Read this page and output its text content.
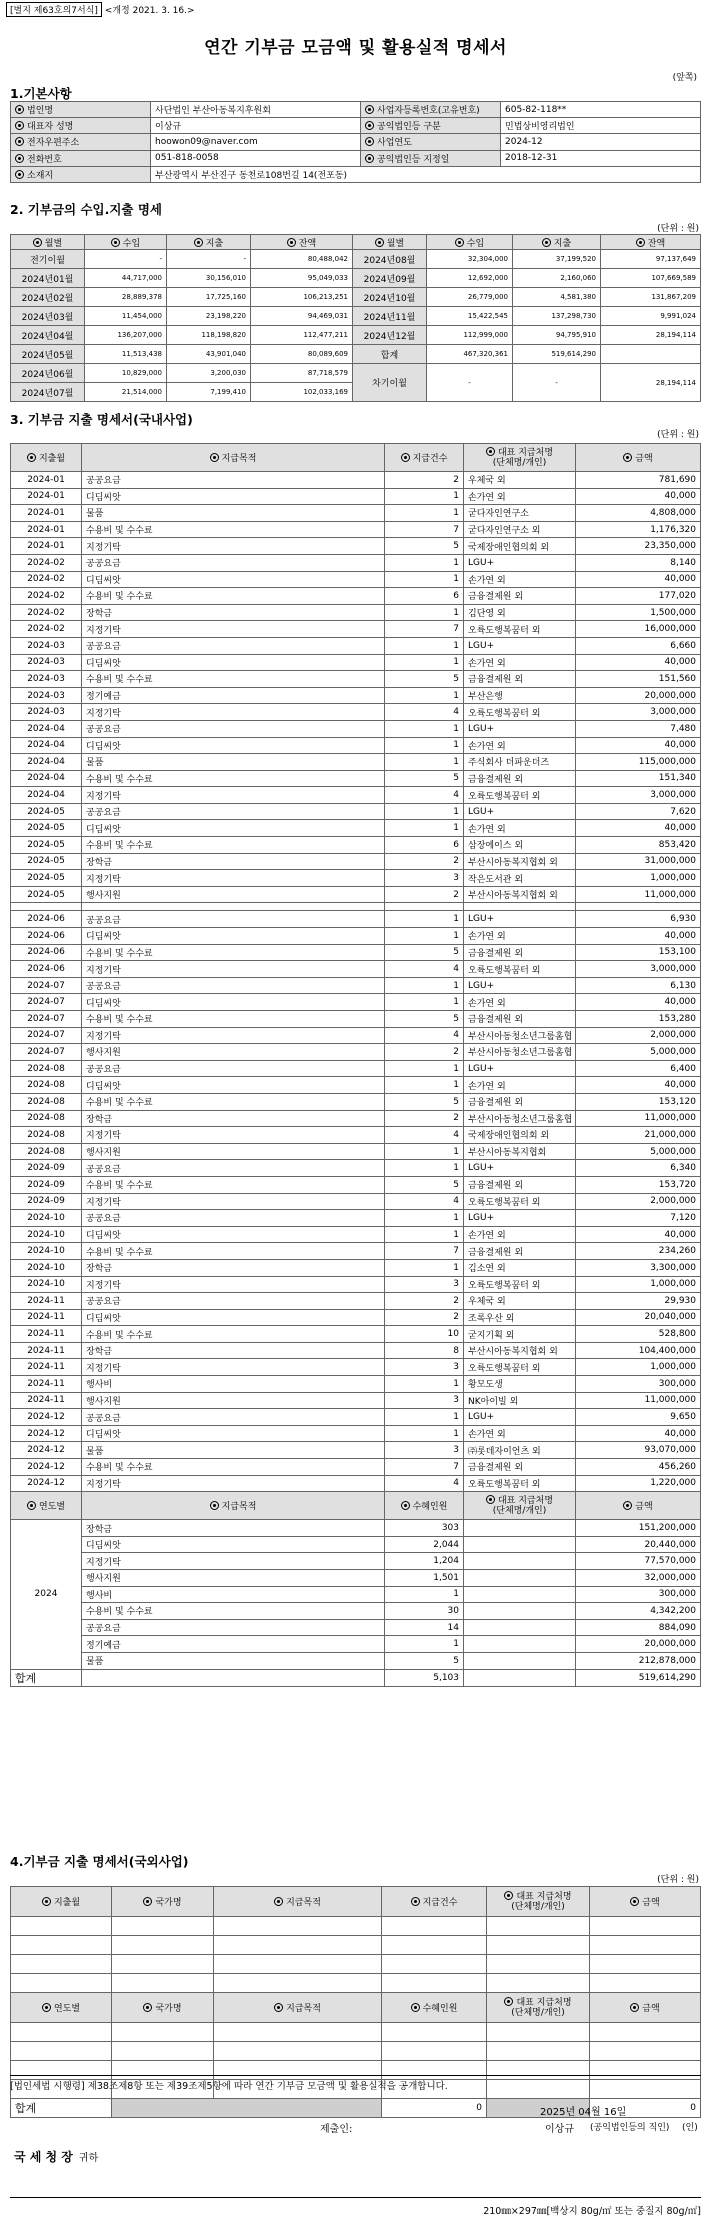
[별지 제63호의7서식] <개정 2021. 3. 16.>
연간 기부금 모금액 및 활용실적 명세서
(앞쪽)
1.기본사항
법인명	사단법인 부산아동복지후원회	사업자등록번호(고유번호)	605-82-118**
대표자 성명	이상규	공익법인등 구분	민법상비영리법인
전자우편주소	hoowon09@naver.com	사업연도	2024-12
전화번호	051-818-0058	공익법인등 지정일	2018-12-31
소재지	부산광역시 부산진구 동천로108번길 14(전포동)		
2. 기부금의 수입.지출 명세
(단위 : 원)
월별	수입	지출	잔액	월별	수입	지출	잔액
전기이월	-	-	80,488,042	2024년08월	32,304,000	37,199,520	97,137,649
2024년01월	44,717,000	30,156,010	95,049,033	2024년09월	12,692,000	2,160,060	107,669,589
2024년02월	28,889,378	17,725,160	106,213,251	2024년10월	26,779,000	4,581,380	131,867,209
2024년03월	11,454,000	23,198,220	94,469,031	2024년11월	15,422,545	137,298,730	9,991,024
2024년04월	136,207,000	118,198,820	112,477,211	2024년12월	112,999,000	94,795,910	28,194,114
2024년05월	11,513,438	43,901,040	80,089,609	합계	467,320,361	519,614,290	
2024년06월	10,829,000	3,200,030	87,718,579	차기이월	-	-	28,194,114
2024년07월	21,514,000	7,199,410	102,033,169				
3. 기부금 지출 명세서(국내사업)
(단위 : 원)
지출월	지급목적	지급건수	대표 지급처명
(단체명/개인)	금액
2024-01	공공요금	2	우체국 외	781,690
2024-01	디딤씨앗	1	손가연 외	40,000
2024-01	물품	1	굳다자인연구소	4,808,000
2024-01	수용비 및 수수료	7	굳다자인연구소 외	1,176,320
2024-01	지정기탁	5	국제장애인협의회 외	23,350,000
2024-02	공공요금	1	LGU+	8,140
2024-02	디딤씨앗	1	손가연 외	40,000
2024-02	수용비 및 수수료	6	금융결제원 외	177,020
2024-02	장학금	1	김단영 외	1,500,000
2024-02	지정기탁	7	오륙도행복꿈터 외	16,000,000
2024-03	공공요금	1	LGU+	6,660
2024-03	디딤씨앗	1	손가연 외	40,000
2024-03	수용비 및 수수료	5	금융결제원 외	151,560
2024-03	정기예금	1	부산은행	20,000,000
2024-03	지정기탁	4	오륙도행복꿈터 외	3,000,000
2024-04	공공요금	1	LGU+	7,480
2024-04	디딤씨앗	1	손가연 외	40,000
2024-04	물품	1	주식회사 더파운더즈	115,000,000
2024-04	수용비 및 수수료	5	금융결제원 외	151,340
2024-04	지정기탁	4	오륙도행복꿈터 외	3,000,000
2024-05	공공요금	1	LGU+	7,620
2024-05	디딤씨앗	1	손가연 외	40,000
2024-05	수용비 및 수수료	6	삼장에이스 외	853,420
2024-05	장학금	2	부산시아동복지협회 외	31,000,000
2024-05	지정기탁	3	작은도서관 외	1,000,000
2024-05	행사지원	2	부산시아동복지협회 외	11,000,000

2024-06	공공요금	1	LGU+	6,930
2024-06	디딤씨앗	1	손가연 외	40,000
2024-06	수용비 및 수수료	5	금융결제원 외	153,100
2024-06	지정기탁	4	오륙도행복꿈터 외	3,000,000
2024-07	공공요금	1	LGU+	6,130
2024-07	디딤씨앗	1	손가연 외	40,000
2024-07	수용비 및 수수료	5	금융결제원 외	153,280
2024-07	지정기탁	4	부산시아동청소년그룹홈협	2,000,000
2024-07	행사지원	2	부산시아동청소년그룹홈협	5,000,000
2024-08	공공요금	1	LGU+	6,400
2024-08	디딤씨앗	1	손가연 외	40,000
2024-08	수용비 및 수수료	5	금융결제원 외	153,120
2024-08	장학금	2	부산시아동청소년그룹홈협	11,000,000
2024-08	지정기탁	4	국제장애인협의회 외	21,000,000
2024-08	행사지원	1	부산시아동복지협회	5,000,000
2024-09	공공요금	1	LGU+	6,340
2024-09	수용비 및 수수료	5	금융결제원 외	153,720
2024-09	지정기탁	4	오륙도행복꿈터 외	2,000,000
2024-10	공공요금	1	LGU+	7,120
2024-10	디딤씨앗	1	손가연 외	40,000
2024-10	수용비 및 수수료	7	금융결제원 외	234,260
2024-10	장학금	1	김소연 외	3,300,000
2024-10	지정기탁	3	오륙도행복꿈터 외	1,000,000
2024-11	공공요금	2	우체국 외	29,930
2024-11	디딤씨앗	2	조록우산 외	20,040,000
2024-11	수용비 및 수수료	10	굳지기획 외	528,800
2024-11	장학금	8	부산시아동복지협회 외	104,400,000
2024-11	지정기탁	3	오륙도행복꿈터 외	1,000,000
2024-11	행사비	1	황모도생	300,000
2024-11	행사지원	3	NK아이빌 외	11,000,000
2024-12	공공요금	1	LGU+	9,650
2024-12	디딤씨앗	1	손가연 외	40,000
2024-12	물품	3	㈜롯데자이언츠 외	93,070,000
2024-12	수용비 및 수수료	7	금융결제원 외	456,260
2024-12	지정기탁	4	오륙도행복꿈터 외	1,220,000
연도별	지급목적	수혜인원	대표 지급처명
(단체명/개인)	금액
2024	장학금	303		151,200,000
	디딤씨앗	2,044		20,440,000
	지정기탁	1,204		77,570,000
	행사지원	1,501		32,000,000
	행사비	1		300,000
	수용비 및 수수료	30		4,342,200
	공공요금	14		884,090
	정기예금	1		20,000,000
	물품	5		212,878,000
합계		5,103		519,614,290
4.기부금 지출 명세서(국외사업)
(단위 : 원)
지출월	국가명	지급목적	지급건수	대표 지급처명
(단체명/개인)	금액

연도별	국가명	지급목적	수혜인원	대표 지급처명
(단체명/개인)	금액

합계			0		0
[법인세법 시행령] 제38조제8항 또는 제39조제5항에 따라 연간 기부금 모금액 및 활용실적을 공개합니다.
2025년 04월 16일
제출인:	이상규 (공익법인등의 직인) (인)
국 세 청 장 귀하
210㎜×297㎜[백상지 80g/㎡ 또는 중질지 80g/㎡]
